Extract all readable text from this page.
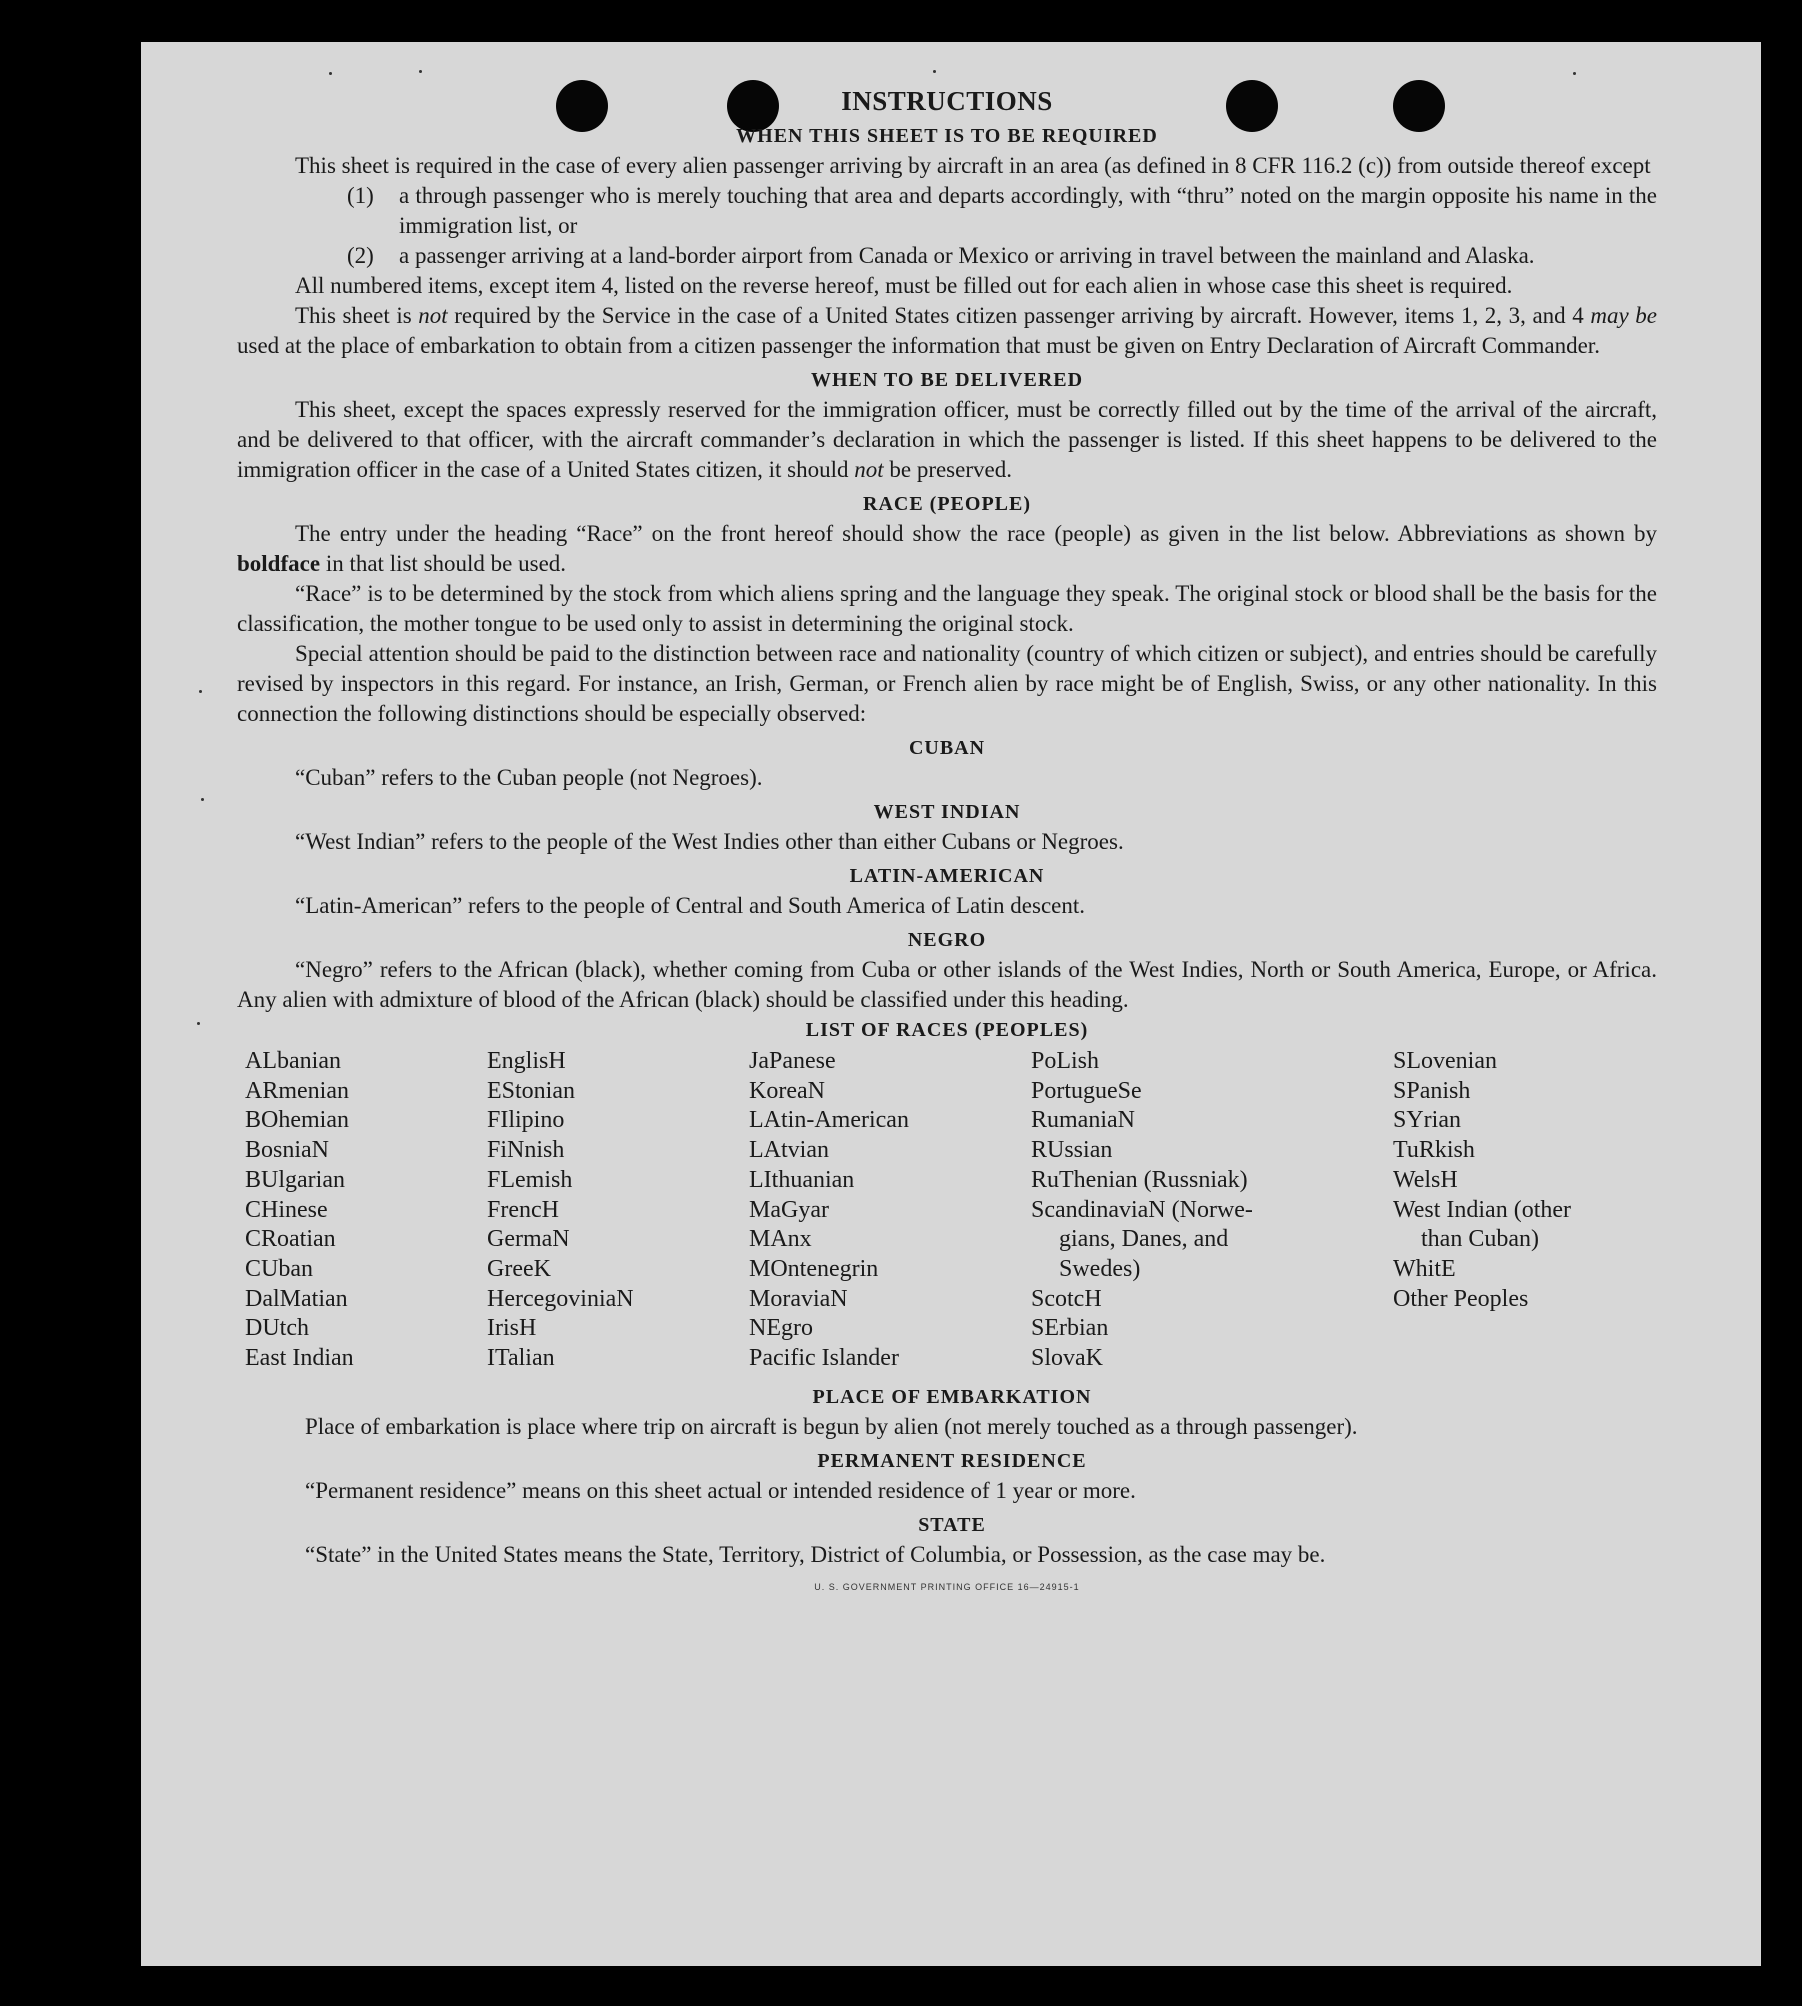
INSTRUCTIONS
WHEN THIS SHEET IS TO BE REQUIRED

This sheet is required in the case of every alien passenger arriving by aircraft in an area (as defined in 8 CFR 116.2 (c)) from outside thereof except

(1)	a through passenger who is merely touching that area and departs accordingly, with “thru” noted on the margin opposite his name in the immigration list, or
(2)	a passenger arriving at a land-border airport from Canada or Mexico or arriving in travel between the mainland and Alaska.

All numbered items, except item 4, listed on the reverse hereof, must be filled out for each alien in whose case this sheet is required.

This sheet is not required by the Service in the case of a United States citizen passenger arriving by aircraft. However, items 1, 2, 3, and 4 may be used at the place of embarkation to obtain from a citizen passenger the information that must be given on Entry Declaration of Aircraft Commander.

WHEN TO BE DELIVERED

This sheet, except the spaces expressly reserved for the immigration officer, must be correctly filled out by the time of the arrival of the aircraft, and be delivered to that officer, with the aircraft commander’s declaration in which the passenger is listed. If this sheet happens to be delivered to the immigration officer in the case of a United States citizen, it should not be preserved.

RACE (PEOPLE)

The entry under the heading “Race” on the front hereof should show the race (people) as given in the list below. Abbreviations as shown by boldface in that list should be used.

“Race” is to be determined by the stock from which aliens spring and the language they speak. The original stock or blood shall be the basis for the classification, the mother tongue to be used only to assist in determining the original stock.

Special attention should be paid to the distinction between race and nationality (country of which citizen or subject), and entries should be carefully revised by inspectors in this regard. For instance, an Irish, German, or French alien by race might be of English, Swiss, or any other nationality. In this connection the following distinctions should be especially observed:

CUBAN

“Cuban” refers to the Cuban people (not Negroes).

WEST INDIAN

“West Indian” refers to the people of the West Indies other than either Cubans or Negroes.

LATIN-AMERICAN

“Latin-American” refers to the people of Central and South America of Latin descent.

NEGRO

“Negro” refers to the African (black), whether coming from Cuba or other islands of the West Indies, North or South America, Europe, or Africa. Any alien with admixture of blood of the African (black) should be classified under this heading.

LIST OF RACES (PEOPLES)
ALbanian
ARmenian
BOhemian
BosniaN
BUlgarian
CHinese
CRoatian
CUban
DalMatian
DUtch
East Indian
EnglisH
EStonian
FIlipino
FiNnish
FLemish
FrencH
GermaN
GreeK
HercegoviniaN
IrisH
ITalian
JaPanese
KoreaN
LAtin-American
LAtvian
LIthuanian
MaGyar
MAnx
MOntenegrin
MoraviaN
NEgro
Pacific Islander
PoLish
PortugueSe
RumaniaN
RUssian
RuThenian (Russniak)
ScandinaviaN (Norwe-
gians, Danes, and
Swedes)
ScotcH
SErbian
SlovaK
SLovenian
SPanish
SYrian
TuRkish
WelsH
West Indian (other
than Cuban)
WhitE
Other Peoples
PLACE OF EMBARKATION

Place of embarkation is place where trip on aircraft is begun by alien (not merely touched as a through passenger).

PERMANENT RESIDENCE

“Permanent residence” means on this sheet actual or intended residence of 1 year or more.

STATE

“State” in the United States means the State, Territory, District of Columbia, or Possession, as the case may be.

U. S. GOVERNMENT PRINTING OFFICE 16—24915-1
